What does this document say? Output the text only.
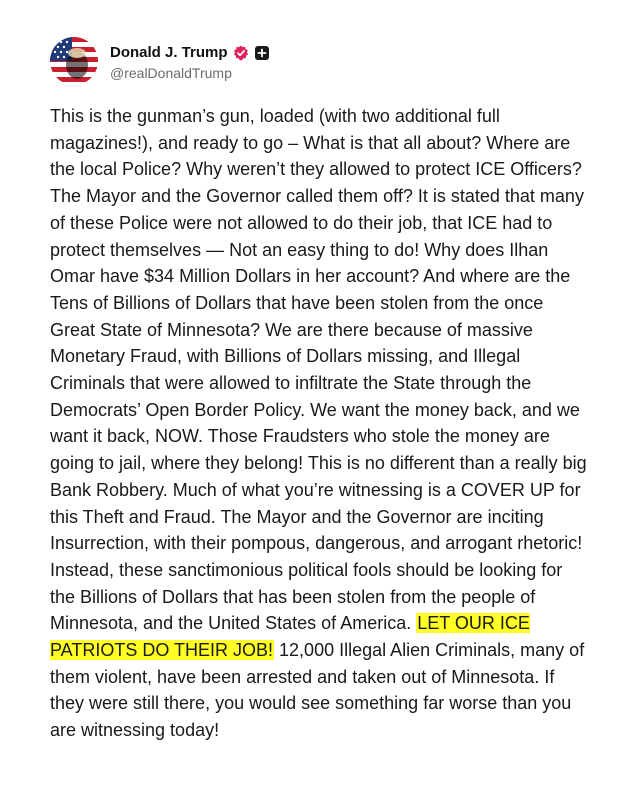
Donald J. Trump
@realDonaldTrump

This is the gunman’s gun, loaded (with two additional full magazines!), and ready to go – What is that all about? Where are the local Police? Why weren’t they allowed to protect ICE Officers? The Mayor and the Governor called them off? It is stated that many of these Police were not allowed to do their job, that ICE had to protect themselves — Not an easy thing to do! Why does Ilhan Omar have $34 Million Dollars in her account? And where are the Tens of Billions of Dollars that have been stolen from the once Great State of Minnesota? We are there because of massive Monetary Fraud, with Billions of Dollars missing, and Illegal Criminals that were allowed to infiltrate the State through the Democrats’ Open Border Policy. We want the money back, and we want it back, NOW. Those Fraudsters who stole the money are going to jail, where they belong! This is no different than a really big Bank Robbery. Much of what you’re witnessing is a COVER UP for this Theft and Fraud. The Mayor and the Governor are inciting Insurrection, with their pompous, dangerous, and arrogant rhetoric! Instead, these sanctimonious political fools should be looking for the Billions of Dollars that has been stolen from the people of Minnesota, and the United States of America. LET OUR ICE PATRIOTS DO THEIR JOB! 12,000 Illegal Alien Criminals, many of them violent, have been arrested and taken out of Minnesota. If they were still there, you would see something far worse than you are witnessing today!
